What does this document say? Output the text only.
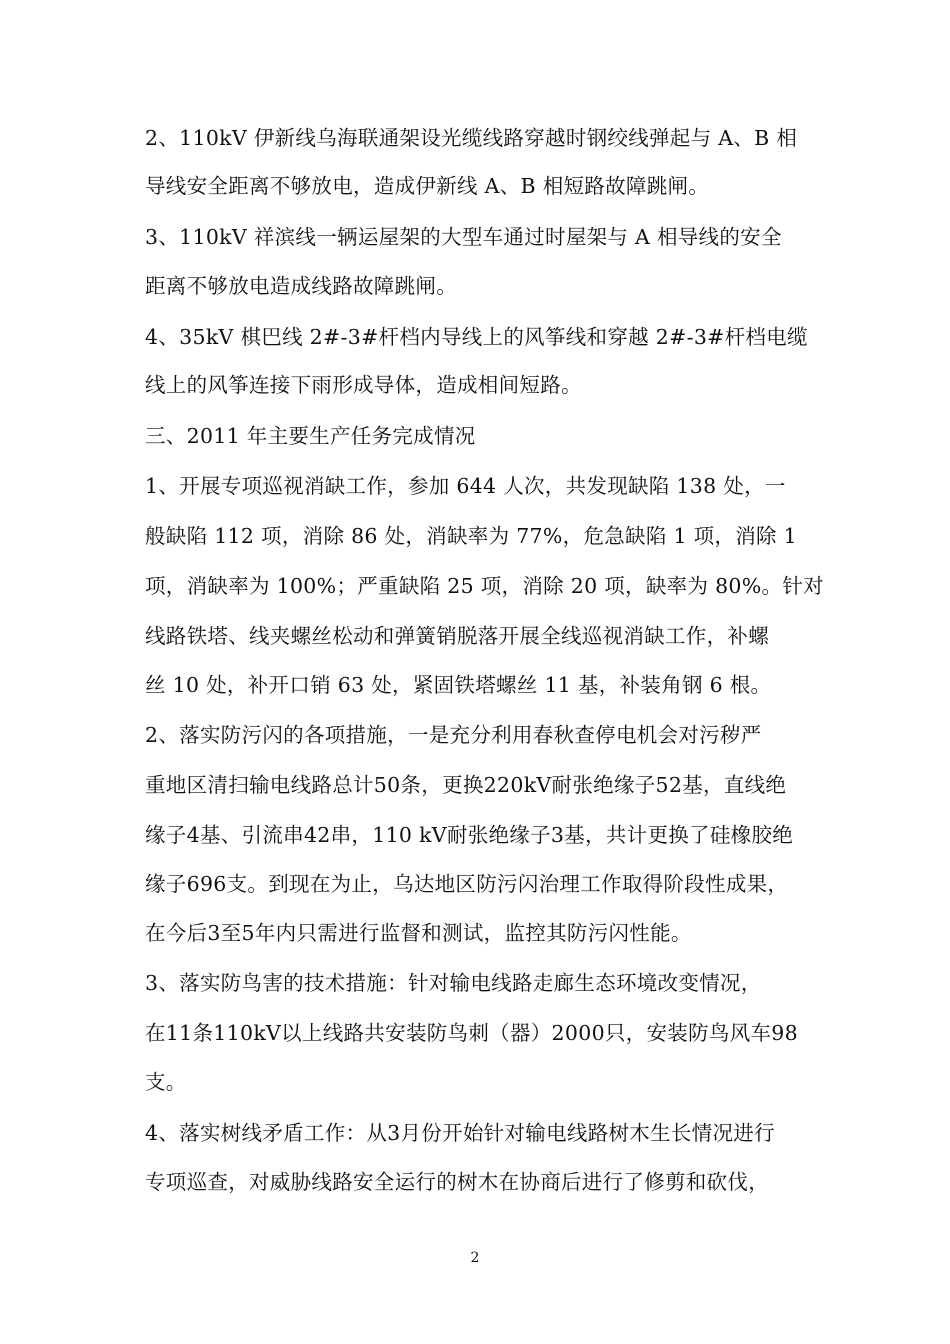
2、110kV 伊新线乌海联通架设光缆线路穿越时钢绞线弹起与 A、B 相
导线安全距离不够放电，造成伊新线 A、B 相短路故障跳闸。
3、110kV 祥滨线一辆运屋架的大型车通过时屋架与 A 相导线的安全
距离不够放电造成线路故障跳闸。
4、35kV 棋巴线 2#-3#杆档内导线上的风筝线和穿越 2#-3#杆档电缆
线上的风筝连接下雨形成导体，造成相间短路。
三、2011 年主要生产任务完成情况
1、开展专项巡视消缺工作，参加 644 人次，共发现缺陷 138 处，一
般缺陷 112 项，消除 86 处，消缺率为 77%，危急缺陷 1 项，消除 1
项，消缺率为 100%；严重缺陷 25 项，消除 20 项，缺率为 80%。针对
线路铁塔、线夹螺丝松动和弹簧销脱落开展全线巡视消缺工作，补螺
丝 10 处，补开口销 63 处，紧固铁塔螺丝 11 基，补装角钢 6 根。
2、落实防污闪的各项措施，一是充分利用春秋查停电机会对污秽严
重地区清扫输电线路总计50条，更换220kV耐张绝缘子52基，直线绝
缘子4基、引流串42串，110 kV耐张绝缘子3基，共计更换了硅橡胶绝
缘子696支。到现在为止，乌达地区防污闪治理工作取得阶段性成果，
在今后3至5年内只需进行监督和测试，监控其防污闪性能。
3、落实防鸟害的技术措施：针对输电线路走廊生态环境改变情况，
在11条110kV以上线路共安装防鸟刺（器）2000只，安装防鸟风车98
支。
4、落实树线矛盾工作：从3月份开始针对输电线路树木生长情况进行
专项巡查，对威胁线路安全运行的树木在协商后进行了修剪和砍伐，
2
